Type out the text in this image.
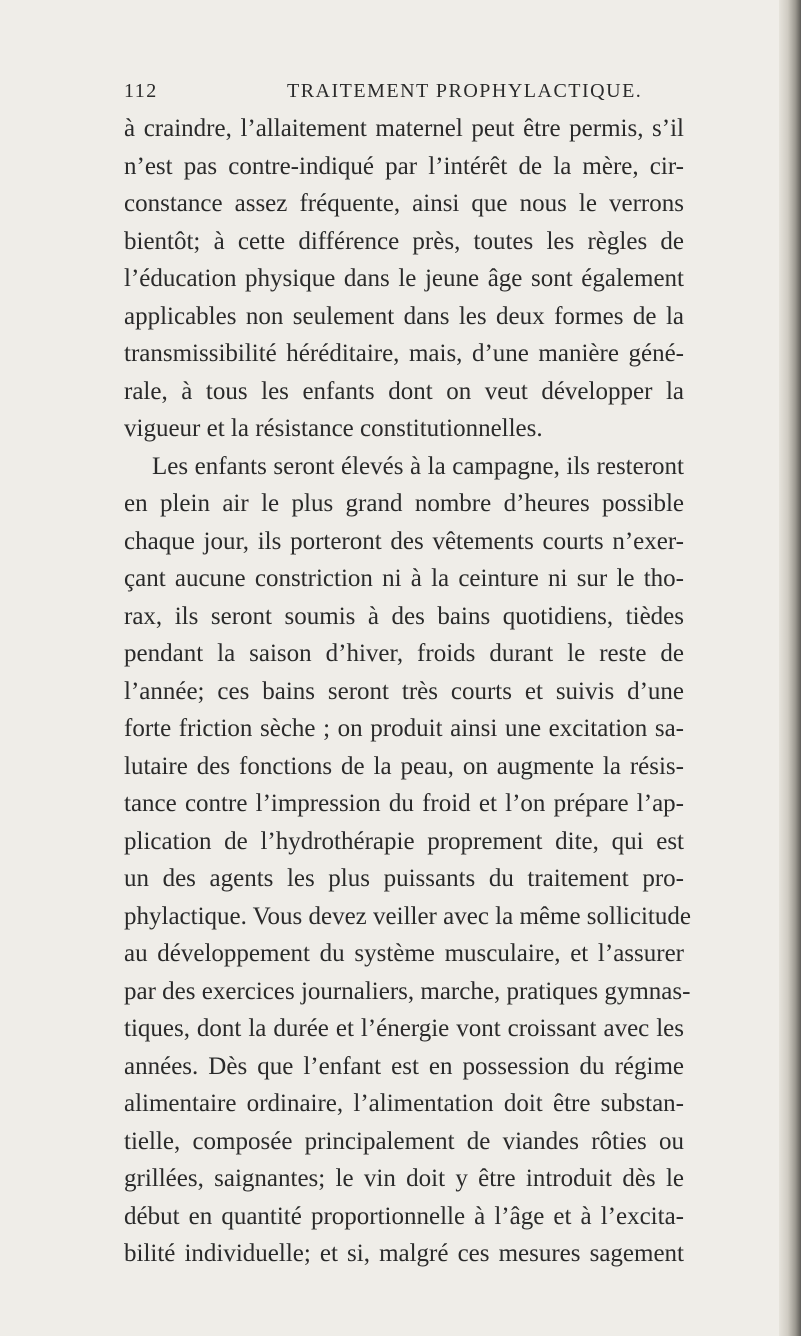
112	TRAITEMENT PROPHYLACTIQUE.
à craindre, l’allaitement maternel peut être permis, s’il
n’est pas contre-indiqué par l’intérêt de la mère, cir-
constance assez fréquente, ainsi que nous le verrons
bientôt; à cette différence près, toutes les règles de
l’éducation physique dans le jeune âge sont également
applicables non seulement dans les deux formes de la
transmissibilité héréditaire, mais, d’une manière géné-
rale, à tous les enfants dont on veut développer la
vigueur et la résistance constitutionnelles.
Les enfants seront élevés à la campagne, ils resteront
en plein air le plus grand nombre d’heures possible
chaque jour, ils porteront des vêtements courts n’exer-
çant aucune constriction ni à la ceinture ni sur le tho-
rax, ils seront soumis à des bains quotidiens, tièdes
pendant la saison d’hiver, froids durant le reste de
l’année; ces bains seront très courts et suivis d’une
forte friction sèche ; on produit ainsi une excitation sa-
lutaire des fonctions de la peau, on augmente la résis-
tance contre l’impression du froid et l’on prépare l’ap-
plication de l’hydrothérapie proprement dite, qui est
un des agents les plus puissants du traitement pro-
phylactique. Vous devez veiller avec la même sollicitude
au développement du système musculaire, et l’assurer
par des exercices journaliers, marche, pratiques gymnas-
tiques, dont la durée et l’énergie vont croissant avec les
années. Dès que l’enfant est en possession du régime
alimentaire ordinaire, l’alimentation doit être substan-
tielle, composée principalement de viandes rôties ou
grillées, saignantes; le vin doit y être introduit dès le
début en quantité proportionnelle à l’âge et à l’excita-
bilité individuelle; et si, malgré ces mesures sagement
